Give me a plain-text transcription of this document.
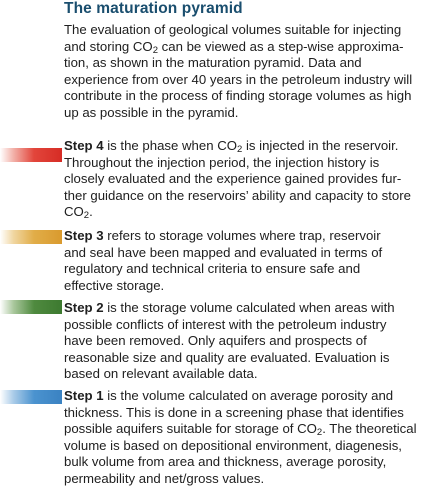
The maturation pyramid

The evaluation of geological volumes suitable for injecting
and storing $CO_2$ can be viewed as a step-wise approxima-
tion, as shown in the maturation pyramid. Data and
experience from over 40 years in the petroleum industry will
contribute in the process of finding storage volumes as high
up as possible in the pyramid.

Step 4 is the phase when $CO_2$ is injected in the reservoir.
Throughout the injection period, the injection history is
closely evaluated and the experience gained provides fur-
ther guidance on the reservoirs’ ability and capacity to store
$CO_2$.

Step 3 refers to storage volumes where trap, reservoir
and seal have been mapped and evaluated in terms of
regulatory and technical criteria to ensure safe and
effective storage.

Step 2 is the storage volume calculated when areas with
possible conflicts of interest with the petroleum industry
have been removed. Only aquifers and prospects of
reasonable size and quality are evaluated. Evaluation is
based on relevant available data.

Step 1 is the volume calculated on average porosity and
thickness. This is done in a screening phase that identifies
possible aquifers suitable for storage of $CO_2$. The theoretical
volume is based on depositional environment, diagenesis,
bulk volume from area and thickness, average porosity,
permeability and net/gross values.
